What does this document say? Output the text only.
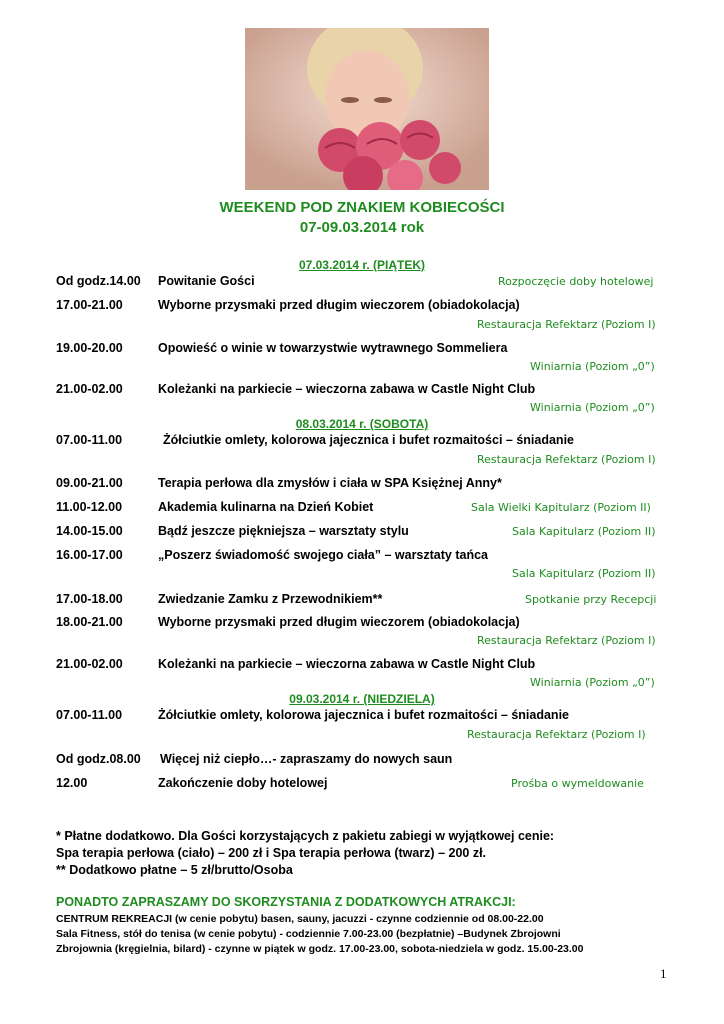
WEEKEND POD ZNAKIEM KOBIECOŚCI
07-09.03.2014 rok
07.03.2014 r. (PIĄTEK)
Od godz.14.00 Powitanie Gości	Rozpoczęcie doby hotelowej
17.00-21.00	Wyborne przysmaki przed długim wieczorem (obiadokolacja)
Restauracja Refektarz (Poziom I)
19.00-20.00	Opowieść o winie w towarzystwie wytrawnego Sommeliera
Winiarnia (Poziom „0”)
21.00-02.00	Koleżanki na parkiecie – wieczorna zabawa w Castle Night Club
Winiarnia (Poziom „0”)
08.03.2014 r. (SOBOTA)
07.00-11.00	Żółciutkie omlety, kolorowa jajecznica i bufet rozmaitości – śniadanie
Restauracja Refektarz (Poziom I)
09.00-21.00	Terapia perłowa dla zmysłów i ciała w SPA Księżnej Anny*
11.00-12.00	Akademia kulinarna na Dzień Kobiet	Sala Wielki Kapitularz (Poziom II)
14.00-15.00	Bądź jeszcze piękniejsza – warsztaty stylu	Sala Kapitularz (Poziom II)
16.00-17.00	„Poszerz świadomość swojego ciała” – warsztaty tańca
Sala Kapitularz (Poziom II)
17.00-18.00	Zwiedzanie Zamku z Przewodnikiem**	Spotkanie przy Recepcji
18.00-21.00	Wyborne przysmaki przed długim wieczorem (obiadokolacja)
Restauracja Refektarz (Poziom I)
21.00-02.00	Koleżanki na parkiecie – wieczorna zabawa w Castle Night Club
Winiarnia (Poziom „0”)
09.03.2014 r. (NIEDZIELA)
07.00-11.00	Żółciutkie omlety, kolorowa jajecznica i bufet rozmaitości – śniadanie
Restauracja Refektarz (Poziom I)
Od godz.08.00 Więcej niż ciepło…- zapraszamy do nowych saun
12.00	Zakończenie doby hotelowej	Prośba o wymeldowanie
* Płatne dodatkowo. Dla Gości korzystających z pakietu zabiegi w wyjątkowej cenie:
Spa terapia perłowa (ciało) – 200 zł i Spa terapia perłowa (twarz) – 200 zł.
** Dodatkowo płatne – 5 zł/brutto/Osoba
PONADTO ZAPRASZAMY DO SKORZYSTANIA Z DODATKOWYCH ATRAKCJI:
CENTRUM REKREACJI (w cenie pobytu) basen, sauny, jacuzzi - czynne codziennie od 08.00-22.00
Sala Fitness, stół do tenisa (w cenie pobytu) - codziennie 7.00-23.00 (bezpłatnie) –Budynek Zbrojowni
Zbrojownia (kręgielnia, bilard) - czynne w piątek w godz. 17.00-23.00, sobota-niedziela w godz. 15.00-23.00
1
